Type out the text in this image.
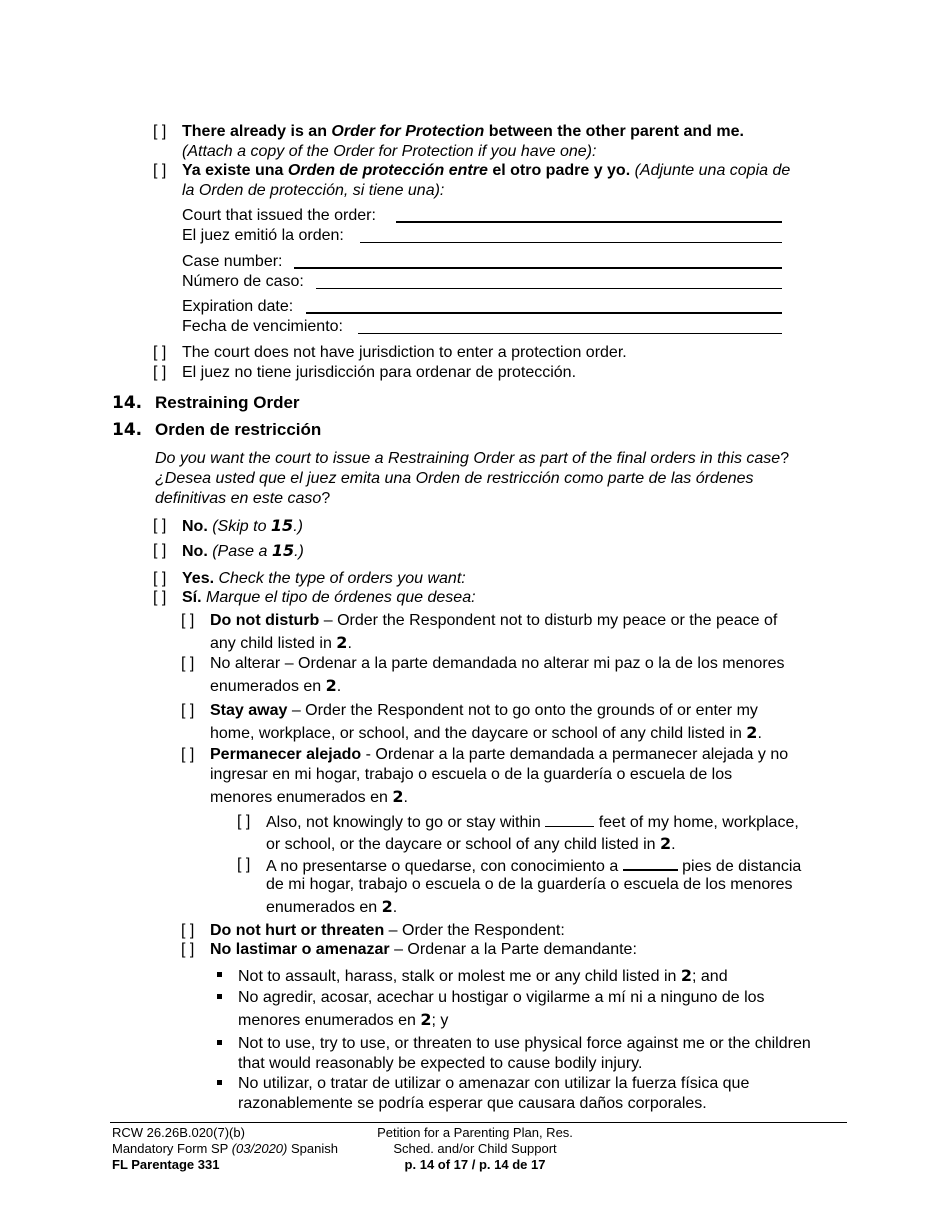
[ ] There already is an Order for Protection between the other parent and me.
(Attach a copy of the Order for Protection if you have one):
[ ] Ya existe una Orden de protección entre el otro padre y yo. (Adjunte una copia de
la Orden de protección, si tiene una):
Court that issued the order:
El juez emitió la orden:
Case number:
Número de caso:
Expiration date:
Fecha de vencimiento:
[ ] The court does not have jurisdiction to enter a protection order.
[ ] El juez no tiene jurisdicción para ordenar de protección.
14. Restraining Order
14. Orden de restricción
Do you want the court to issue a Restraining Order as part of the final orders in this case?
¿Desea usted que el juez emita una Orden de restricción como parte de las órdenes
definitivas en este caso?
[ ] No. (Skip to 15.)
[ ] No. (Pase a 15.)
[ ] Yes. Check the type of orders you want:
[ ] Sí. Marque el tipo de órdenes que desea:
[ ] Do not disturb – Order the Respondent not to disturb my peace or the peace of
any child listed in 2.
[ ] No alterar – Ordenar a la parte demandada no alterar mi paz o la de los menores
enumerados en 2.
[ ] Stay away – Order the Respondent not to go onto the grounds of or enter my
home, workplace, or school, and the daycare or school of any child listed in 2.
[ ] Permanecer alejado - Ordenar a la parte demandada a permanecer alejada y no
ingresar en mi hogar, trabajo o escuela o de la guardería o escuela de los
menores enumerados en 2.
[ ] Also, not knowingly to go or stay within	feet of my home, workplace,
or school, or the daycare or school of any child listed in 2.
[ ] A no presentarse o quedarse, con conocimiento a	pies de distancia
de mi hogar, trabajo o escuela o de la guardería o escuela de los menores
enumerados en 2.
[ ] Do not hurt or threaten – Order the Respondent:
[ ] No lastimar o amenazar – Ordenar a la Parte demandante:
Not to assault, harass, stalk or molest me or any child listed in 2; and
No agredir, acosar, acechar u hostigar o vigilarme a mí ni a ninguno de los
menores enumerados en 2; y
Not to use, try to use, or threaten to use physical force against me or the children
that would reasonably be expected to cause bodily injury.
No utilizar, o tratar de utilizar o amenazar con utilizar la fuerza física que
razonablemente se podría esperar que causara daños corporales.
RCW 26.26B.020(7)(b)
Mandatory Form SP (03/2020) Spanish
FL Parentage 331
Petition for a Parenting Plan, Res.
Sched. and/or Child Support
p. 14 of 17 / p. 14 de 17
